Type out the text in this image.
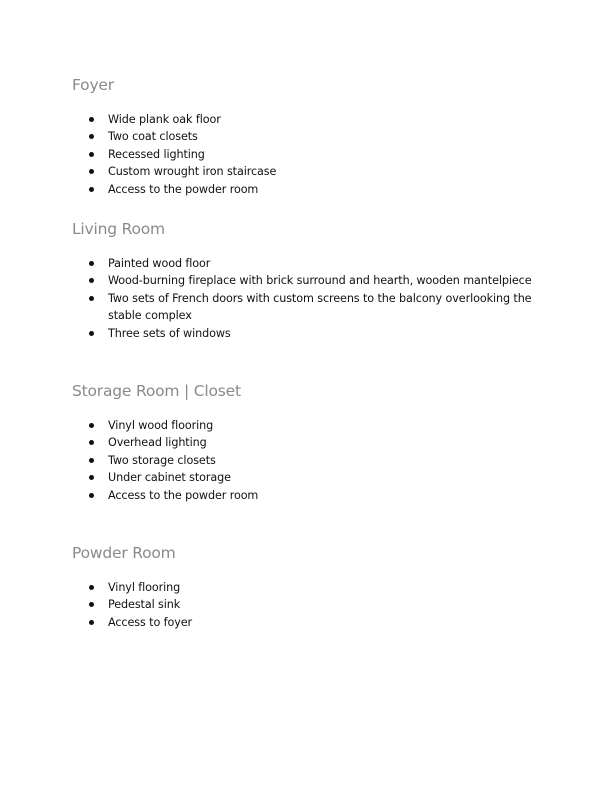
Foyer
Wide plank oak floor
Two coat closets
Recessed lighting
Custom wrought iron staircase
Access to the powder room
Living Room
Painted wood floor
Wood-burning fireplace with brick surround and hearth, wooden mantelpiece
Two sets of French doors with custom screens to the balcony overlooking the stable complex
Three sets of windows
Storage Room | Closet
Vinyl wood flooring
Overhead lighting
Two storage closets
Under cabinet storage
Access to the powder room
Powder Room
Vinyl flooring
Pedestal sink
Access to foyer
